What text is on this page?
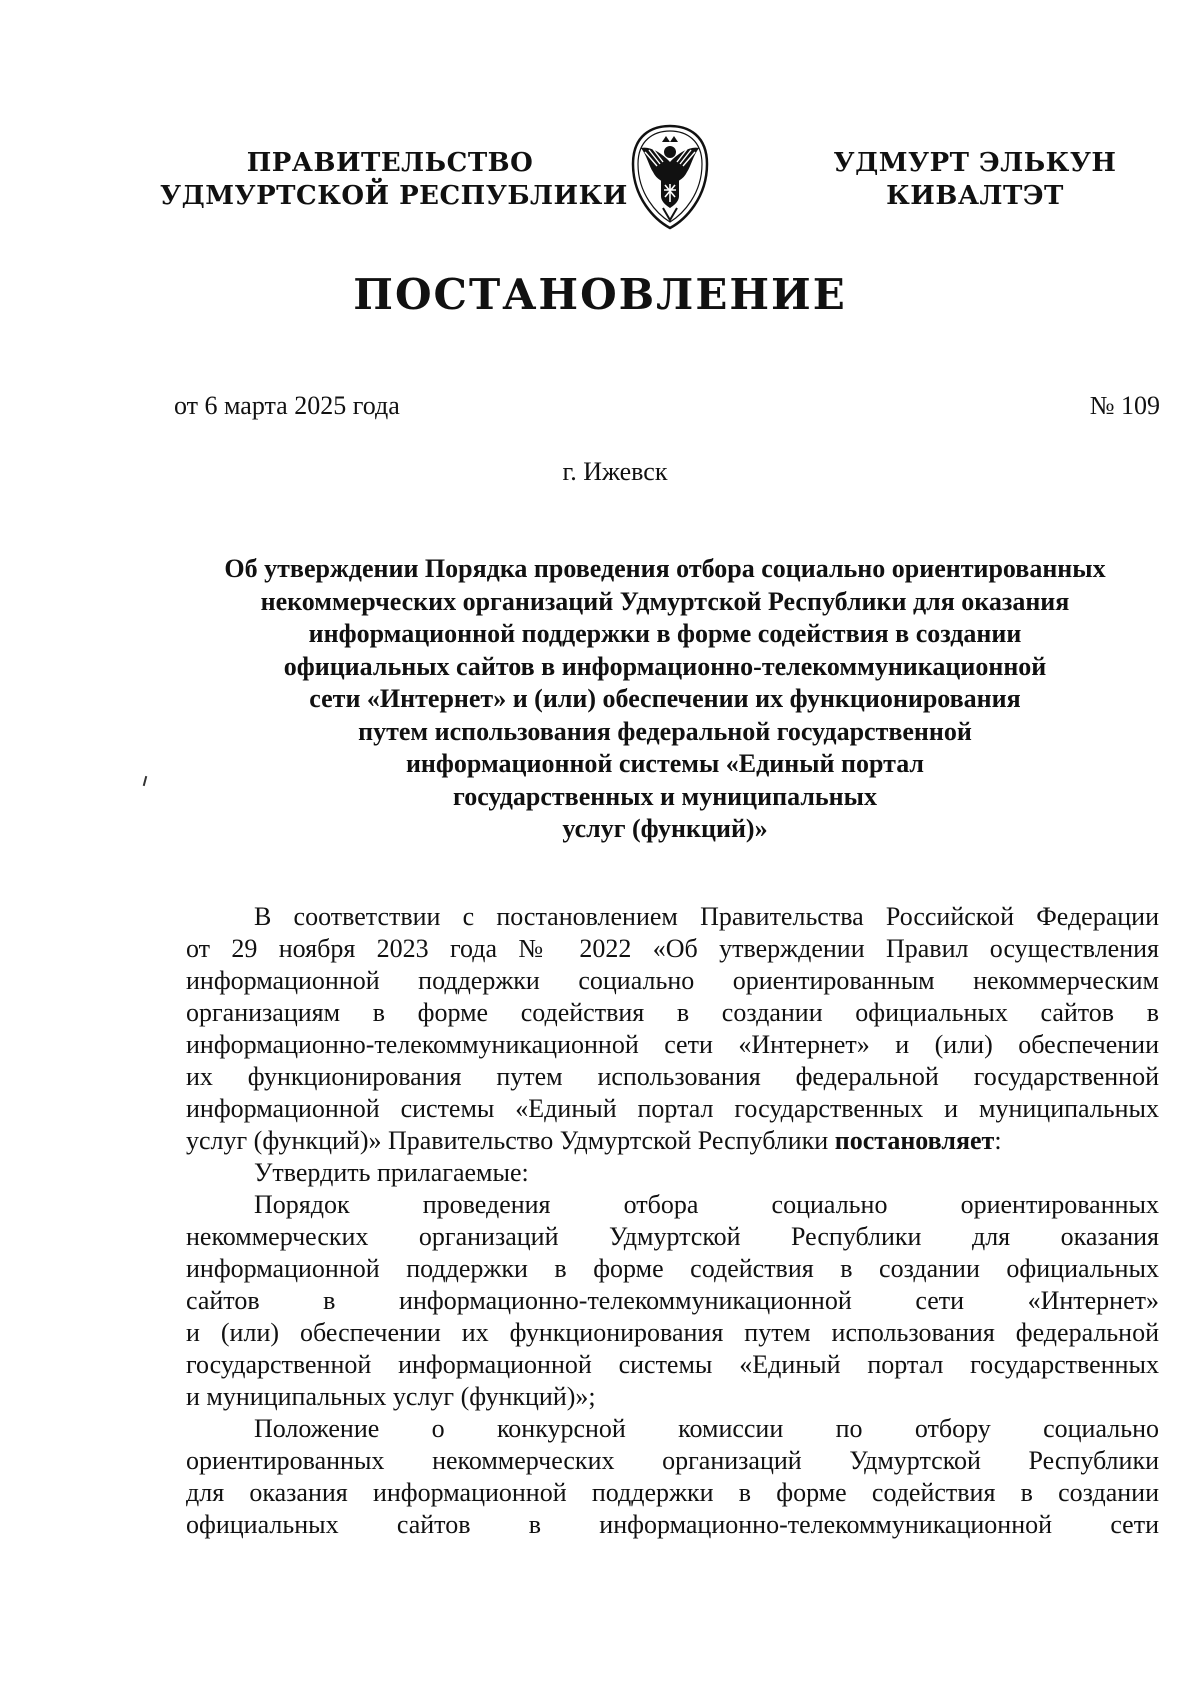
ПРАВИТЕЛЬСТВО
УДМУРТСКОЙ РЕСПУБЛИКИ
УДМУРТ ЭЛЬКУН
КИВАЛТЭТ
ПОСТАНОВЛЕНИЕ
от 6 марта 2025 года	№ 109
г. Ижевск
Об утверждении Порядка проведения отбора социально ориентированных
некоммерческих организаций Удмуртской Республики для оказания
информационной поддержки в форме содействия в создании
официальных сайтов в информационно-телекоммуникационной
сети «Интернет» и (или) обеспечении их функционирования
путем использования федеральной государственной
информационной системы «Единый портал
государственных и муниципальных
услуг (функций)»
В соответствии с постановлением Правительства Российской Федерации
от 29 ноября 2023 года № 2022 «Об утверждении Правил осуществления
информационной поддержки социально ориентированным некоммерческим
организациям в форме содействия в создании официальных сайтов в
информационно-телекоммуникационной сети «Интернет» и (или) обеспечении
их функционирования путем использования федеральной государственной
информационной системы «Единый портал государственных и муниципальных
услуг (функций)» Правительство Удмуртской Республики постановляет:
Утвердить прилагаемые:
Порядок проведения отбора социально ориентированных
некоммерческих организаций Удмуртской Республики для оказания
информационной поддержки в форме содействия в создании официальных
сайтов в информационно-телекоммуникационной сети «Интернет»
и (или) обеспечении их функционирования путем использования федеральной
государственной информационной системы «Единый портал государственных
и муниципальных услуг (функций)»;
Положение о конкурсной комиссии по отбору социально
ориентированных некоммерческих организаций Удмуртской Республики
для оказания информационной поддержки в форме содействия в создании
официальных сайтов в информационно-телекоммуникационной сети
